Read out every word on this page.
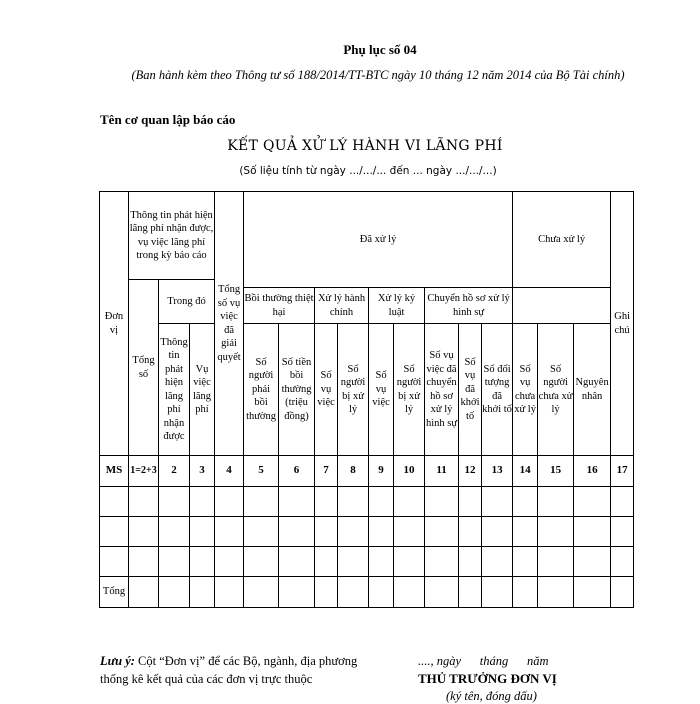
Phụ lục số 04
(Ban hành kèm theo Thông tư số 188/2014/TT-BTC ngày 10 tháng 12 năm 2014 của Bộ Tài chính)
Tên cơ quan lập báo cáo
KẾT QUẢ XỬ LÝ HÀNH VI LÃNG PHÍ
(Số liệu tính từ ngày .../.../... đến ... ngày .../.../...)
Đơn vị	Thông tin phát hiện lãng phí nhận được, vụ việc lãng phí trong kỳ báo cáo			Tổng số vụ việc đã giải quyết	Đã xử lý									Chưa xử lý			Ghi chú
	Tổng số	Trong đó															
					Bồi thường thiệt hại		Xử lý hành chính		Xử lý kỷ luật		Chuyển hồ sơ xử lý hình sự						
		Thông tin phát hiện lãng phí nhận được	Vụ việc lãng phí		Số người phải bồi thường	Số tiền bồi thường (triệu đồng)	Số vụ việc	Số người bị xử lý	Số vụ việc	Số người bị xử lý	Số vụ việc đã chuyển hồ sơ xử lý hình sự	Số vụ đã khởi tố	Số đối tượng đã khởi tố	Số vụ chưa xử lý	Số người chưa xử lý	Nguyên nhân	
MS	1=2+3	2	3	4	5	6	7	8	9	10	11	12	13	14	15	16	17

Tổng																	
Lưu ý: Cột “Đơn vị” để các Bộ, ngành, địa phương thống kê kết quả của các đơn vị trực thuộc
...., ngày      tháng      năm
THỦ TRƯỞNG ĐƠN VỊ
(ký tên, đóng dấu)
